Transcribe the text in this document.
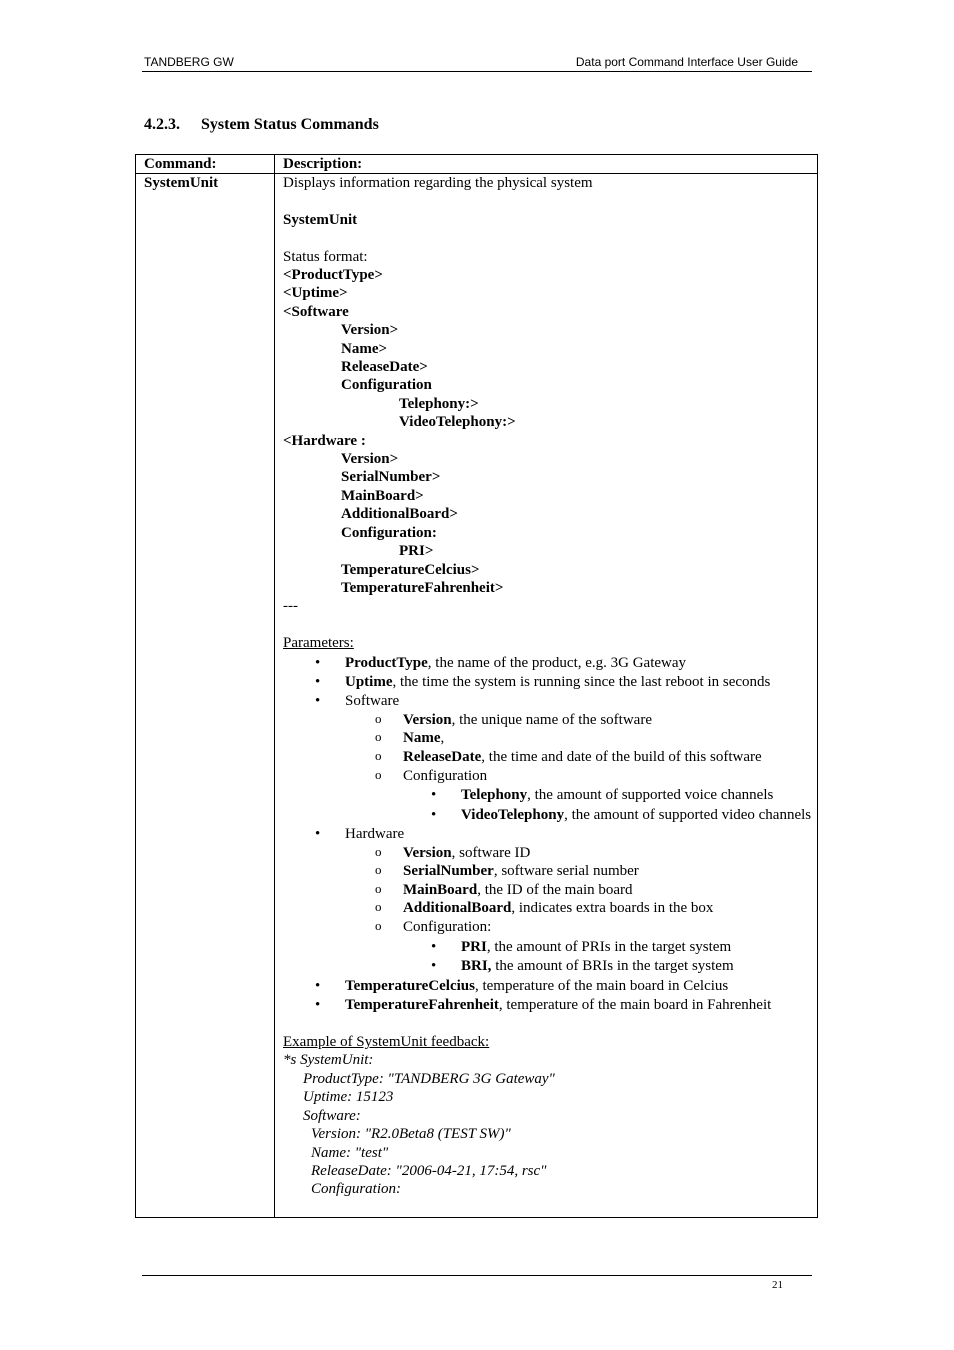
TANDBERG GW	Data port Command Interface User Guide
4.2.3. System Status Commands
Command:	Description:
SystemUnit	Displays information regarding the physical system
SystemUnit
Status format:
<ProductType>
<Uptime>
<Software
Version>
Name>
ReleaseDate>
Configuration
Telephony:>
VideoTelephony:>
<Hardware :
Version>
SerialNumber>
MainBoard>
AdditionalBoard>
Configuration:
PRI>
TemperatureCelcius>
TemperatureFahrenheit>
---
Parameters:
• ProductType, the name of the product, e.g. 3G Gateway
• Uptime, the time the system is running since the last reboot in seconds
• Software
o Version, the unique name of the software
o Name,
o ReleaseDate, the time and date of the build of this software
o Configuration
• Telephony, the amount of supported voice channels
• VideoTelephony, the amount of supported video channels
• Hardware
o Version, software ID
o SerialNumber, software serial number
o MainBoard, the ID of the main board
o AdditionalBoard, indicates extra boards in the box
o Configuration:
• PRI, the amount of PRIs in the target system
• BRI, the amount of BRIs in the target system
• TemperatureCelcius, temperature of the main board in Celcius
• TemperatureFahrenheit, temperature of the main board in Fahrenheit
Example of SystemUnit feedback:
*s SystemUnit:
ProductType: "TANDBERG 3G Gateway"
Uptime: 15123
Software:
Version: "R2.0Beta8 (TEST SW)"
Name: "test"
ReleaseDate: "2006-04-21, 17:54, rsc"
Configuration:
21
